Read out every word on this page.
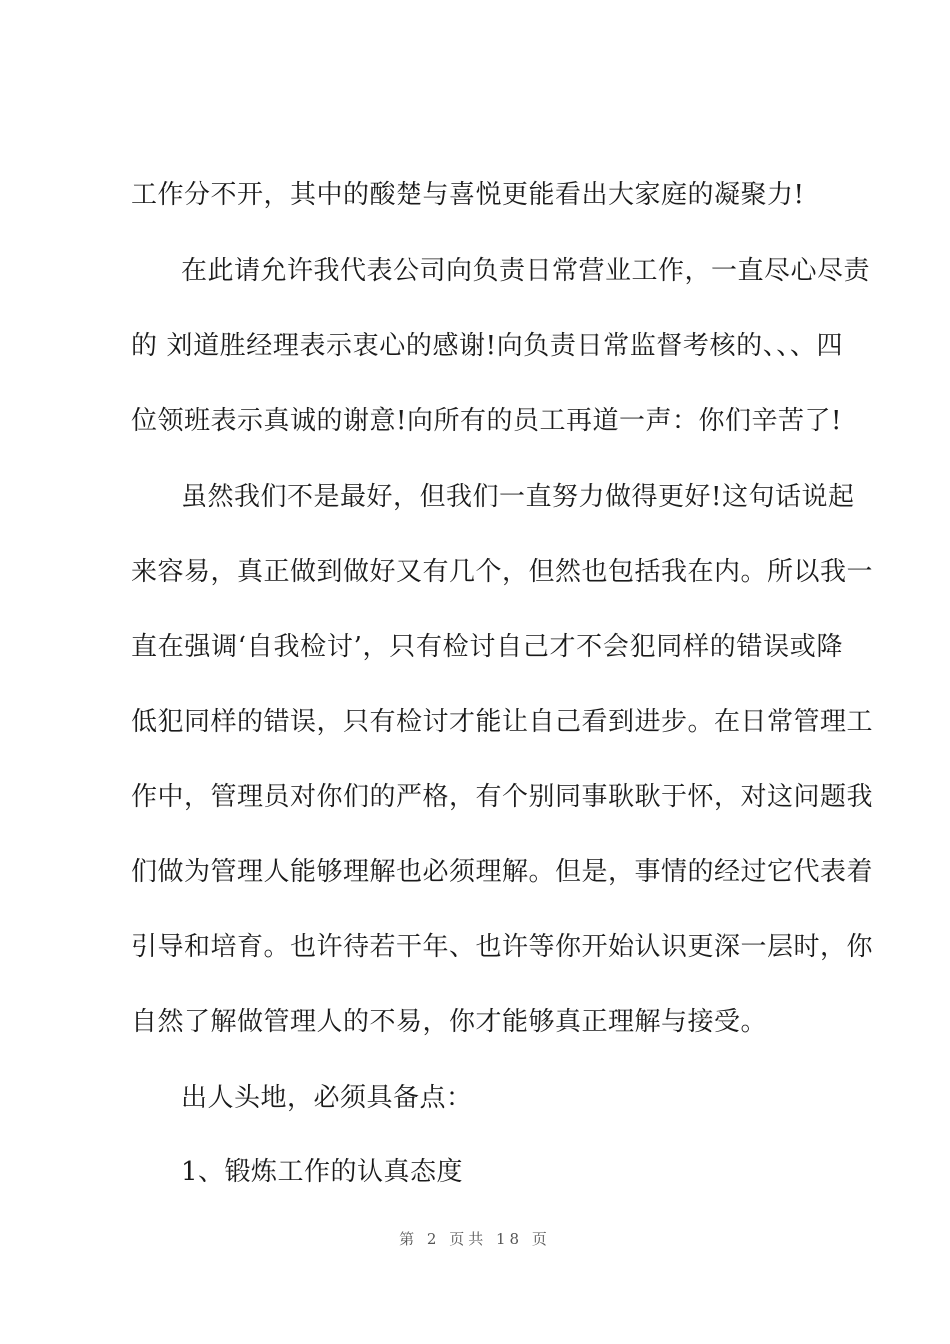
工作分不开，其中的酸楚与喜悦更能看出大家庭的凝聚力!
在此请允许我代表公司向负责日常营业工作，一直尽心尽责
的 刘道胜经理表示衷心的感谢!向负责日常监督考核的、、、四
位领班表示真诚的谢意!向所有的员工再道一声：你们辛苦了!
虽然我们不是最好，但我们一直努力做得更好!这句话说起
来容易，真正做到做好又有几个，但然也包括我在内。所以我一
直在强调‘自我检讨’，只有检讨自己才不会犯同样的错误或降
低犯同样的错误，只有检讨才能让自己看到进步。在日常管理工
作中，管理员对你们的严格，有个别同事耿耿于怀，对这问题我
们做为管理人能够理解也必须理解。但是，事情的经过它代表着
引导和培育。也许待若干年、也许等你开始认识更深一层时，你
自然了解做管理人的不易，你才能够真正理解与接受。
出人头地，必须具备点：
1、锻炼工作的认真态度
第 2 页共 18 页
